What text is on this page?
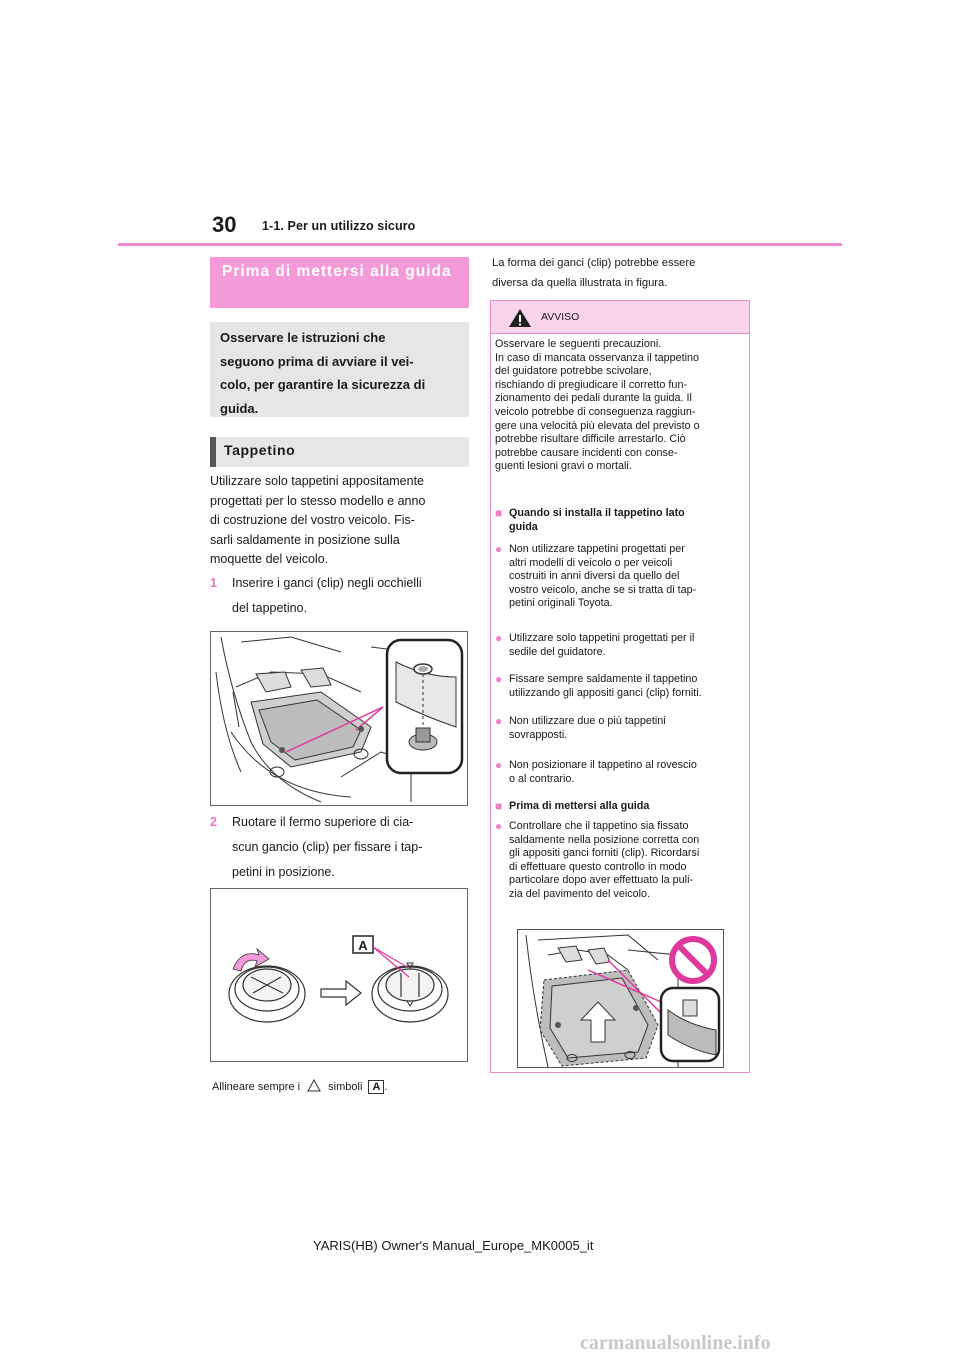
30 1-1. Per un utilizzo sicuro
Prima di mettersi alla guida
Osservare le istruzioni che
seguono prima di avviare il vei-
colo, per garantire la sicurezza di
guida.
Tappetino
Utilizzare solo tappetini appositamente
progettati per lo stesso modello e anno
di costruzione del vostro veicolo. Fis-
sarli saldamente in posizione sulla
moquette del veicolo.
1 Inserire i ganci (clip) negli occhielli
del tappetino.
2 Ruotare il fermo superiore di cia-
scun gancio (clip) per fissare i tap-
petini in posizione.
A
Allineare sempre i	simboli A .
La forma dei ganci (clip) potrebbe essere
diversa da quella illustrata in figura.
AVVISO
Osservare le seguenti precauzioni.
In caso di mancata osservanza il tappetino
del guidatore potrebbe scivolare,
rischiando di pregiudicare il corretto fun-
zionamento dei pedali durante la guida. Il
veicolo potrebbe di conseguenza raggiun-
gere una velocità più elevata del previsto o
potrebbe risultare difficile arrestarlo. Ciò
potrebbe causare incidenti con conse-
guenti lesioni gravi o mortali.
■ Quando si installa il tappetino lato
guida
● Non utilizzare tappetini progettati per
altri modelli di veicolo o per veicoli
costruiti in anni diversi da quello del
vostro veicolo, anche se si tratta di tap-
petini originali Toyota.
● Utilizzare solo tappetini progettati per il
sedile del guidatore.
● Fissare sempre saldamente il tappetino
utilizzando gli appositi ganci (clip) forniti.
● Non utilizzare due o più tappetini
sovrapposti.
● Non posizionare il tappetino al rovescio
o al contrario.
■ Prima di mettersi alla guida
● Controllare che il tappetino sia fissato
saldamente nella posizione corretta con
gli appositi ganci forniti (clip). Ricordarsi
di effettuare questo controllo in modo
particolare dopo aver effettuato la puli-
zia del pavimento del veicolo.
YARIS(HB) Owner's Manual_Europe_MK0005_it
carmanualsonline.info
